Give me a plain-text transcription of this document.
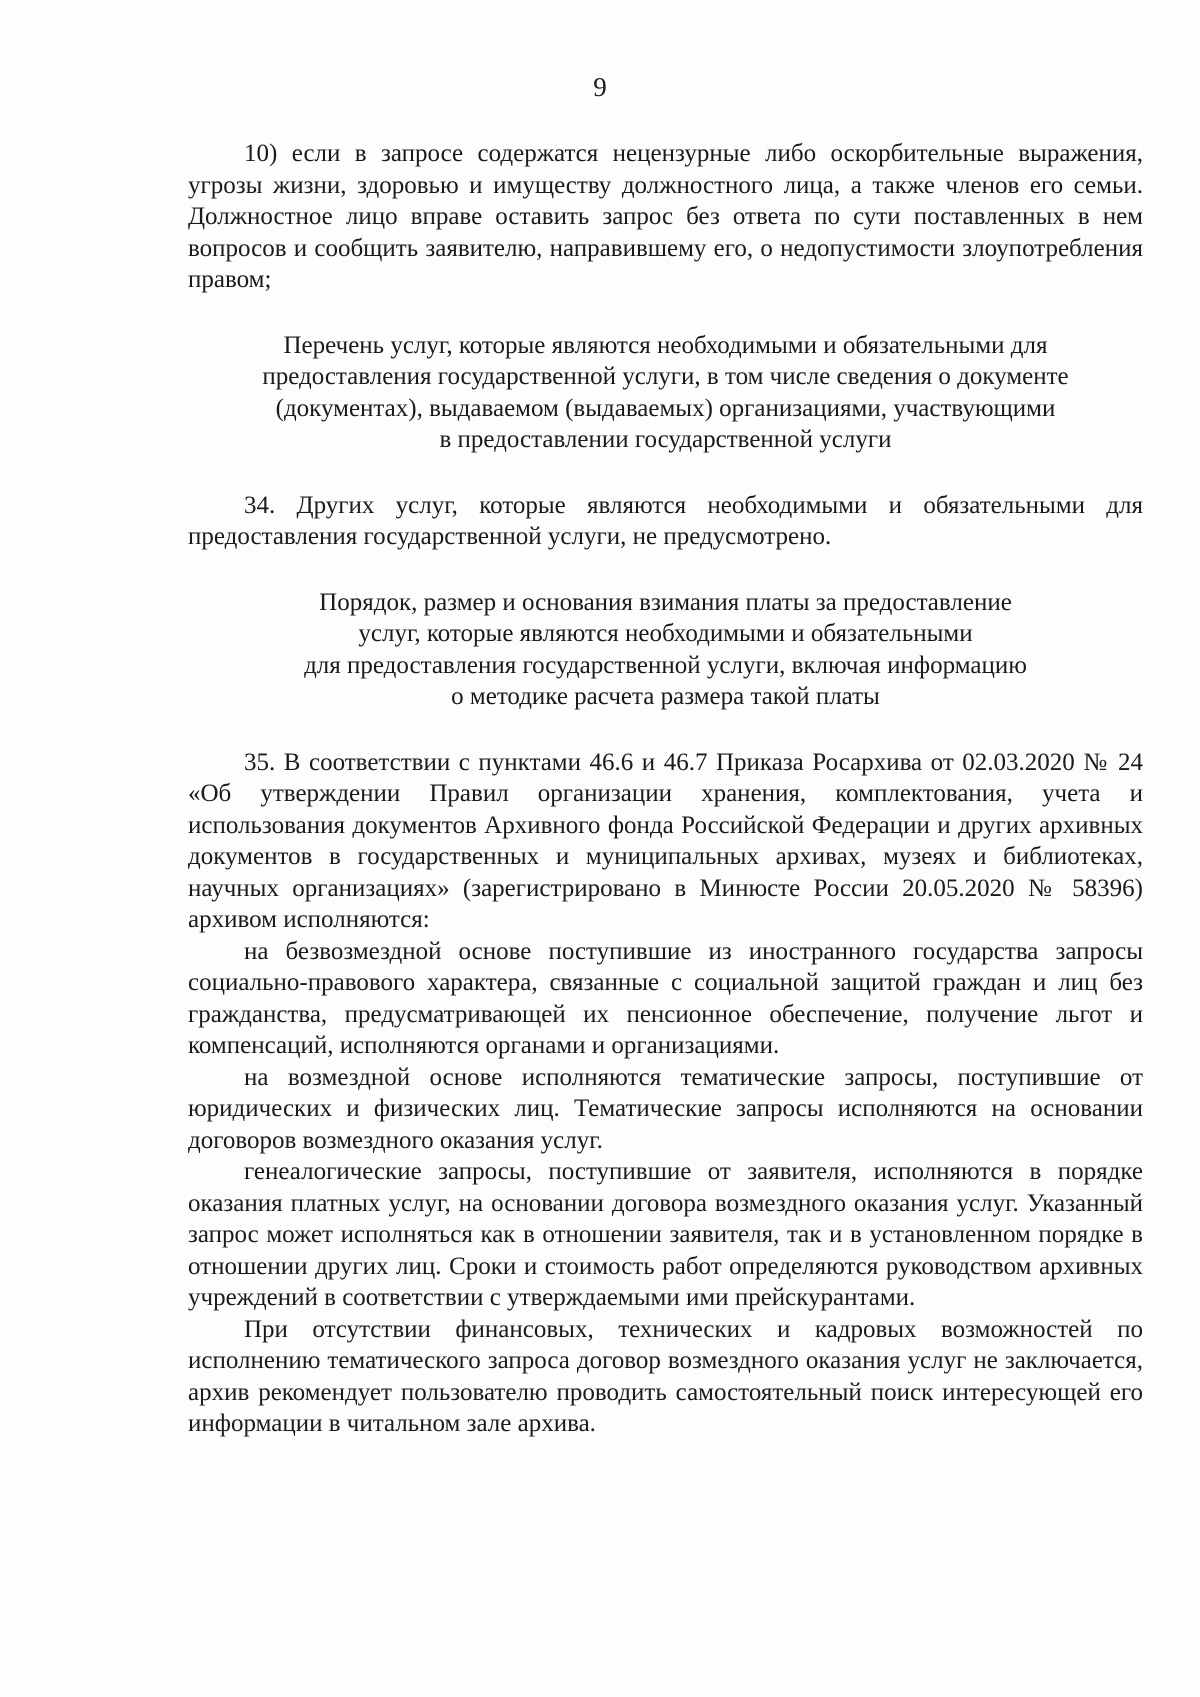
9

10) если в запросе содержатся нецензурные либо оскорбительные выражения, угрозы жизни, здоровью и имуществу должностного лица, а также членов его семьи. Должностное лицо вправе оставить запрос без ответа по сути поставленных в нем вопросов и сообщить заявителю, направившему его, о недопустимости злоупотребления правом;

Перечень услуг, которые являются необходимыми и обязательными для
предоставления государственной услуги, в том числе сведения о документе
(документах), выдаваемом (выдаваемых) организациями, участвующими
в предоставлении государственной услуги

34. Других услуг, которые являются необходимыми и обязательными для предоставления государственной услуги, не предусмотрено.

Порядок, размер и основания взимания платы за предоставление
услуг, которые являются необходимыми и обязательными
для предоставления государственной услуги, включая информацию
о методике расчета размера такой платы

35. В соответствии с пунктами 46.6 и 46.7 Приказа Росархива от 02.03.2020 № 24 «Об утверждении Правил организации хранения, комплектования, учета и использования документов Архивного фонда Российской Федерации и других архивных документов в государственных и муниципальных архивах, музеях и библиотеках, научных организациях» (зарегистрировано в Минюсте России 20.05.2020 № 58396) архивом исполняются:

на безвозмездной основе поступившие из иностранного государства запросы социально-правового характера, связанные с социальной защитой граждан и лиц без гражданства, предусматривающей их пенсионное обеспечение, получение льгот и компенсаций, исполняются органами и организациями.

на возмездной основе исполняются тематические запросы, поступившие от юридических и физических лиц. Тематические запросы исполняются на основании договоров возмездного оказания услуг.

генеалогические запросы, поступившие от заявителя, исполняются в порядке оказания платных услуг, на основании договора возмездного оказания услуг. Указанный запрос может исполняться как в отношении заявителя, так и в установленном порядке в отношении других лиц. Сроки и стоимость работ определяются руководством архивных учреждений в соответствии с утверждаемыми ими прейскурантами.

При отсутствии финансовых, технических и кадровых возможностей по исполнению тематического запроса договор возмездного оказания услуг не заключается, архив рекомендует пользователю проводить самостоятельный поиск интересующей его информации в читальном зале архива.
